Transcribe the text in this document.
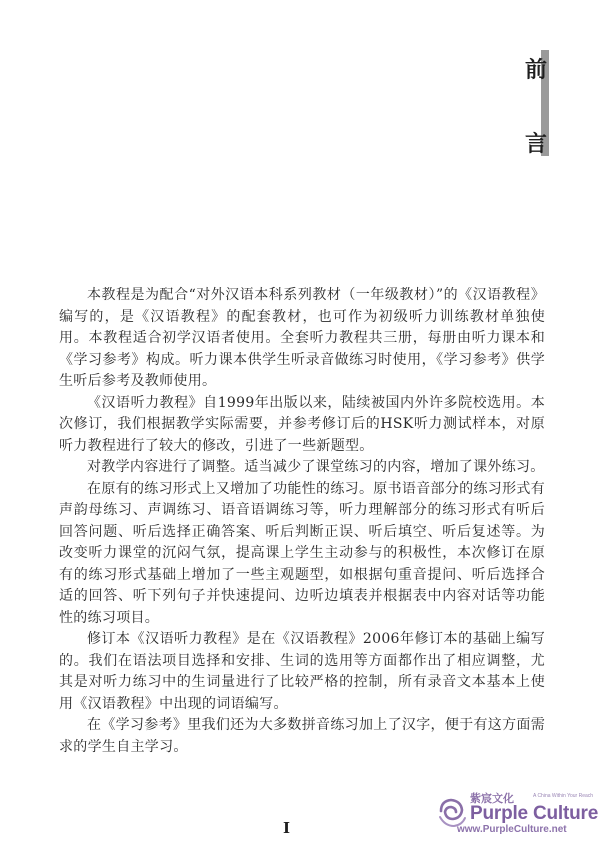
前
言

本教程是为配合“对外汉语本科系列教材（一年级教材）”的《汉语教程》编写的，是《汉语教程》的配套教材，也可作为初级听力训练教材单独使用。本教程适合初学汉语者使用。全套听力教程共三册，每册由听力课本和《学习参考》构成。听力课本供学生听录音做练习时使用，《学习参考》供学生听后参考及教师使用。

《汉语听力教程》自1999年出版以来，陆续被国内外许多院校选用。本次修订，我们根据教学实际需要，并参考修订后的HSK听力测试样本，对原听力教程进行了较大的修改，引进了一些新题型。

对教学内容进行了调整。适当减少了课堂练习的内容，增加了课外练习。

在原有的练习形式上又增加了功能性的练习。原书语音部分的练习形式有声韵母练习、声调练习、语音语调练习等，听力理解部分的练习形式有听后回答问题、听后选择正确答案、听后判断正误、听后填空、听后复述等。为改变听力课堂的沉闷气氛，提高课上学生主动参与的积极性，本次修订在原有的练习形式基础上增加了一些主观题型，如根据句重音提问、听后选择合适的回答、听下列句子并快速提问、边听边填表并根据表中内容对话等功能性的练习项目。

修订本《汉语听力教程》是在《汉语教程》2006年修订本的基础上编写的。我们在语法项目选择和安排、生词的选用等方面都作出了相应调整，尤其是对听力练习中的生词量进行了比较严格的控制，所有录音文本基本上使用《汉语教程》中出现的词语编写。

在《学习参考》里我们还为大多数拼音练习加上了汉字，便于有这方面需求的学生自主学习。

I
紫宸文化	A China Within Your Reach
Purple Culture
www.PurpleCulture.net
